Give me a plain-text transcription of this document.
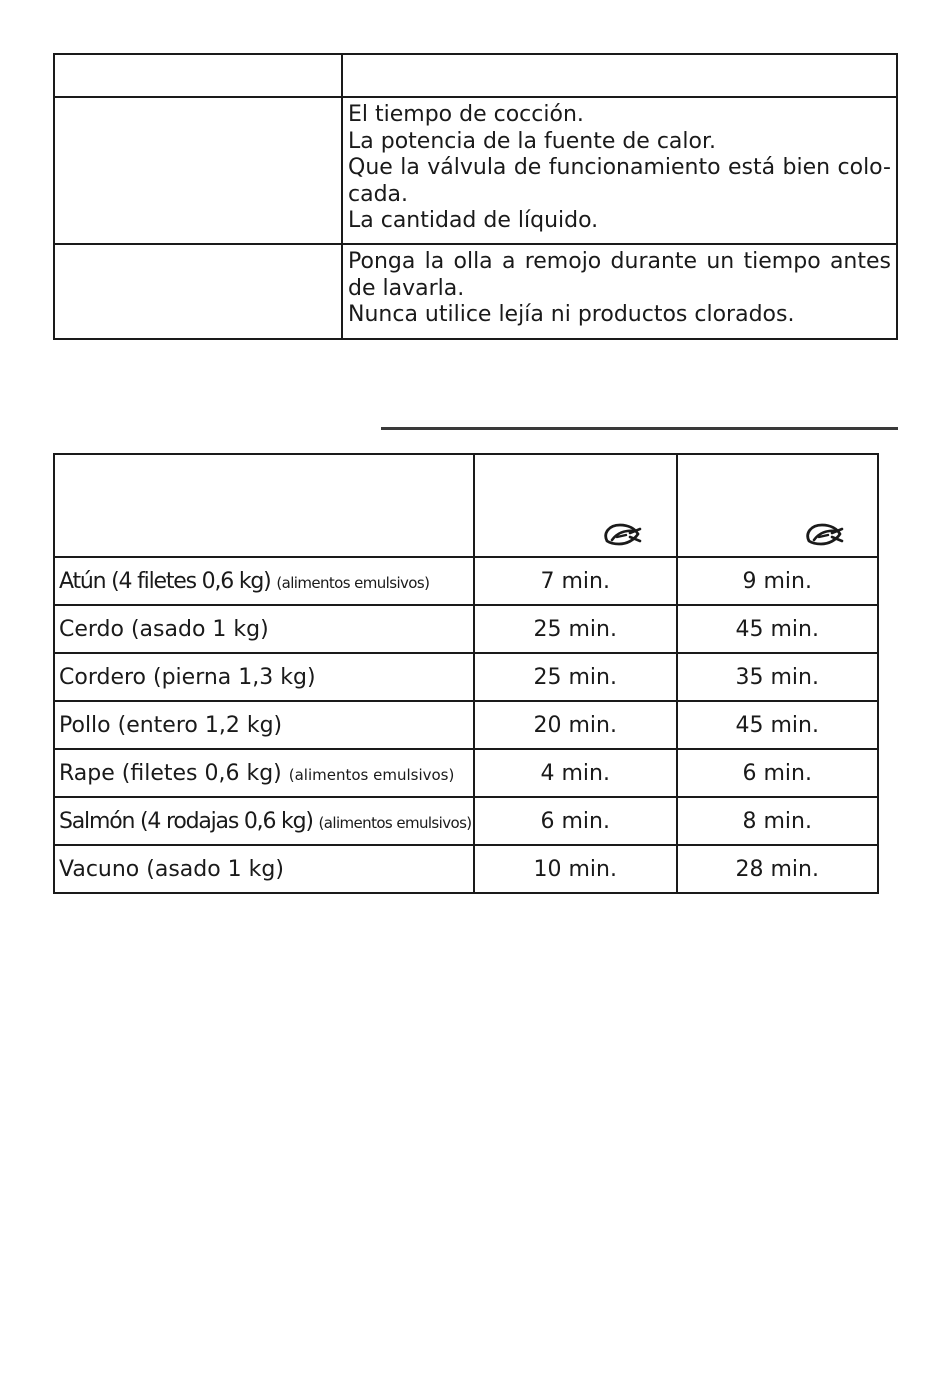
	El tiempo de cocción.
La potencia de la fuente de calor.
Que la válvula de funcionamiento está bien colo-
cada.
La cantidad de líquido.

	Ponga la olla a remojo durante un tiempo antes
de lavarla.
Nunca utilice lejía ni productos clorados.

Atún (4 filetes 0,6 kg) (alimentos emulsivos)	7 min.	9 min.
Cerdo (asado 1 kg)	25 min.	45 min.
Cordero (pierna 1,3 kg)	25 min.	35 min.
Pollo (entero 1,2 kg)	20 min.	45 min.
Rape (filetes 0,6 kg) (alimentos emulsivos)	4 min.	6 min.
Salmón (4 rodajas 0,6 kg) (alimentos emulsivos)	6 min.	8 min.
Vacuno (asado 1 kg)	10 min.	28 min.
